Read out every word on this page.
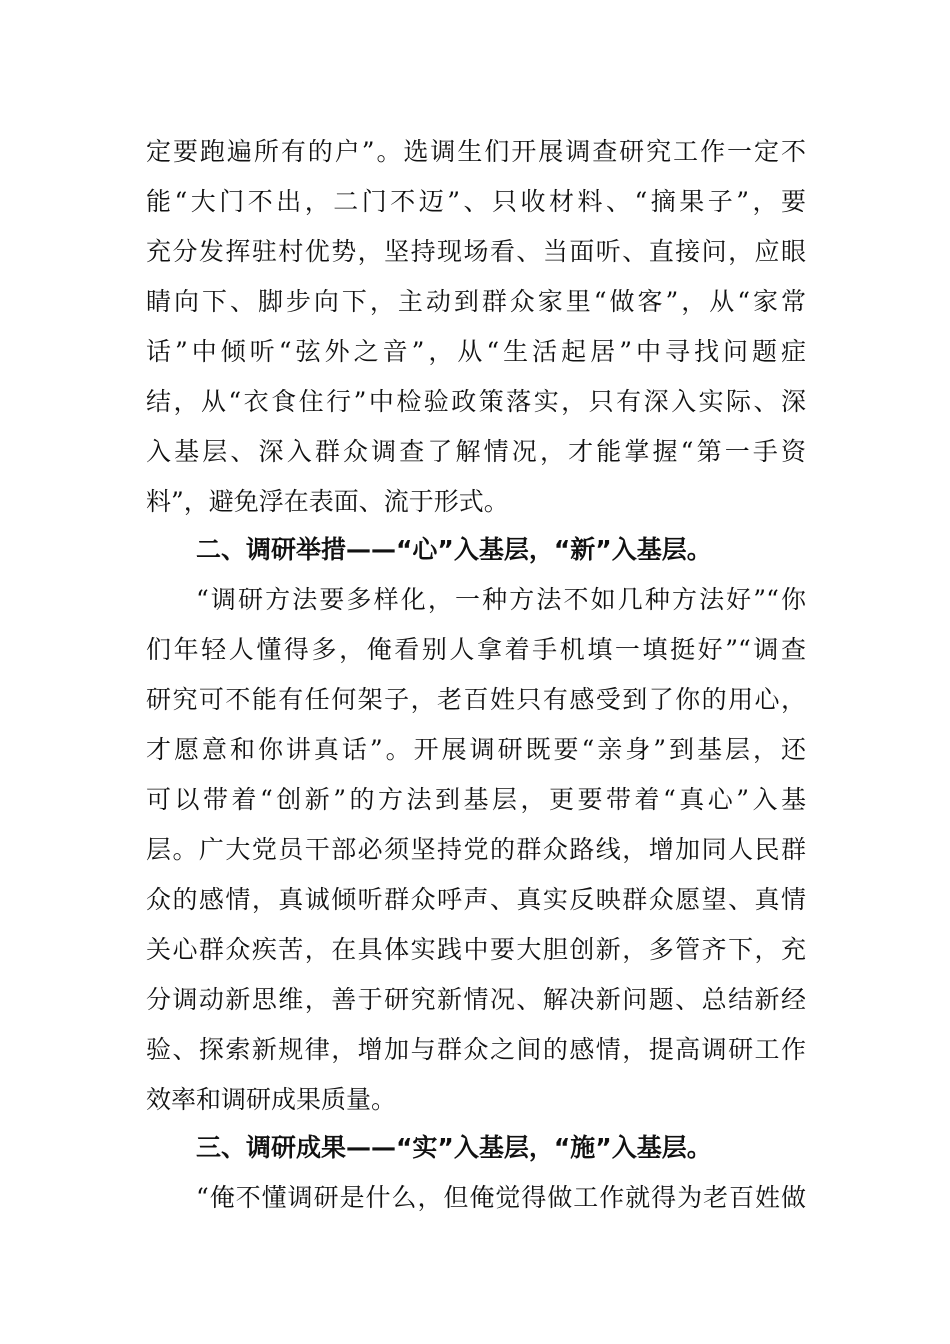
定要跑遍所有的户”。选调生们开展调查研究工作一定不
能“大门不出，二门不迈”、只收材料、“摘果子”，要
充分发挥驻村优势，坚持现场看、当面听、直接问，应眼
睛向下、脚步向下，主动到群众家里“做客”，从“家常
话”中倾听“弦外之音”，从“生活起居”中寻找问题症
结，从“衣食住行”中检验政策落实，只有深入实际、深
入基层、深入群众调查了解情况，才能掌握“第一手资
料”，避免浮在表面、流于形式。
二、调研举措——“心”入基层，“新”入基层。
“调研方法要多样化，一种方法不如几种方法好”“你
们年轻人懂得多，俺看别人拿着手机填一填挺好”“调查
研究可不能有任何架子，老百姓只有感受到了你的用心，
才愿意和你讲真话”。开展调研既要“亲身”到基层，还
可以带着“创新”的方法到基层，更要带着“真心”入基
层。广大党员干部必须坚持党的群众路线，增加同人民群
众的感情，真诚倾听群众呼声、真实反映群众愿望、真情
关心群众疾苦，在具体实践中要大胆创新，多管齐下，充
分调动新思维，善于研究新情况、解决新问题、总结新经
验、探索新规律，增加与群众之间的感情，提高调研工作
效率和调研成果质量。
三、调研成果——“实”入基层，“施”入基层。
“俺不懂调研是什么，但俺觉得做工作就得为老百姓做
